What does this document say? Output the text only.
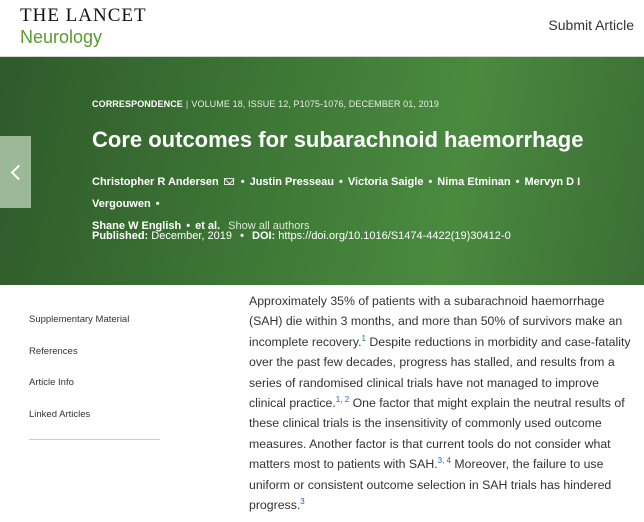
THE LANCET
Neurology
Submit Article
CORRESPONDENCE | VOLUME 18, ISSUE 12, P1075-1076, DECEMBER 01, 2019
Core outcomes for subarachnoid haemorrhage
Christopher R Andersen • Justin Presseau • Victoria Saigle • Nima Etminan • Mervyn D I Vergouwen •
Shane W English • et al. Show all authors
Published: December, 2019 • DOI: https://doi.org/10.1016/S1474-4422(19)30412-0
Supplementary Material
References
Article Info
Linked Articles
Approximately 35% of patients with a subarachnoid haemorrhage (SAH) die within 3 months, and more than 50% of survivors make an incomplete recovery.$^1$ Despite reductions in morbidity and case-fatality over the past few decades, progress has stalled, and results from a series of randomised clinical trials have not managed to improve clinical practice.$^{1, 2}$ One factor that might explain the neutral results of these clinical trials is the insensitivity of commonly used outcome measures. Another factor is that current tools do not consider what matters most to patients with SAH.$^{3, 4}$ Moreover, the failure to use uniform or consistent outcome selection in SAH trials has hindered progress.$^3$
